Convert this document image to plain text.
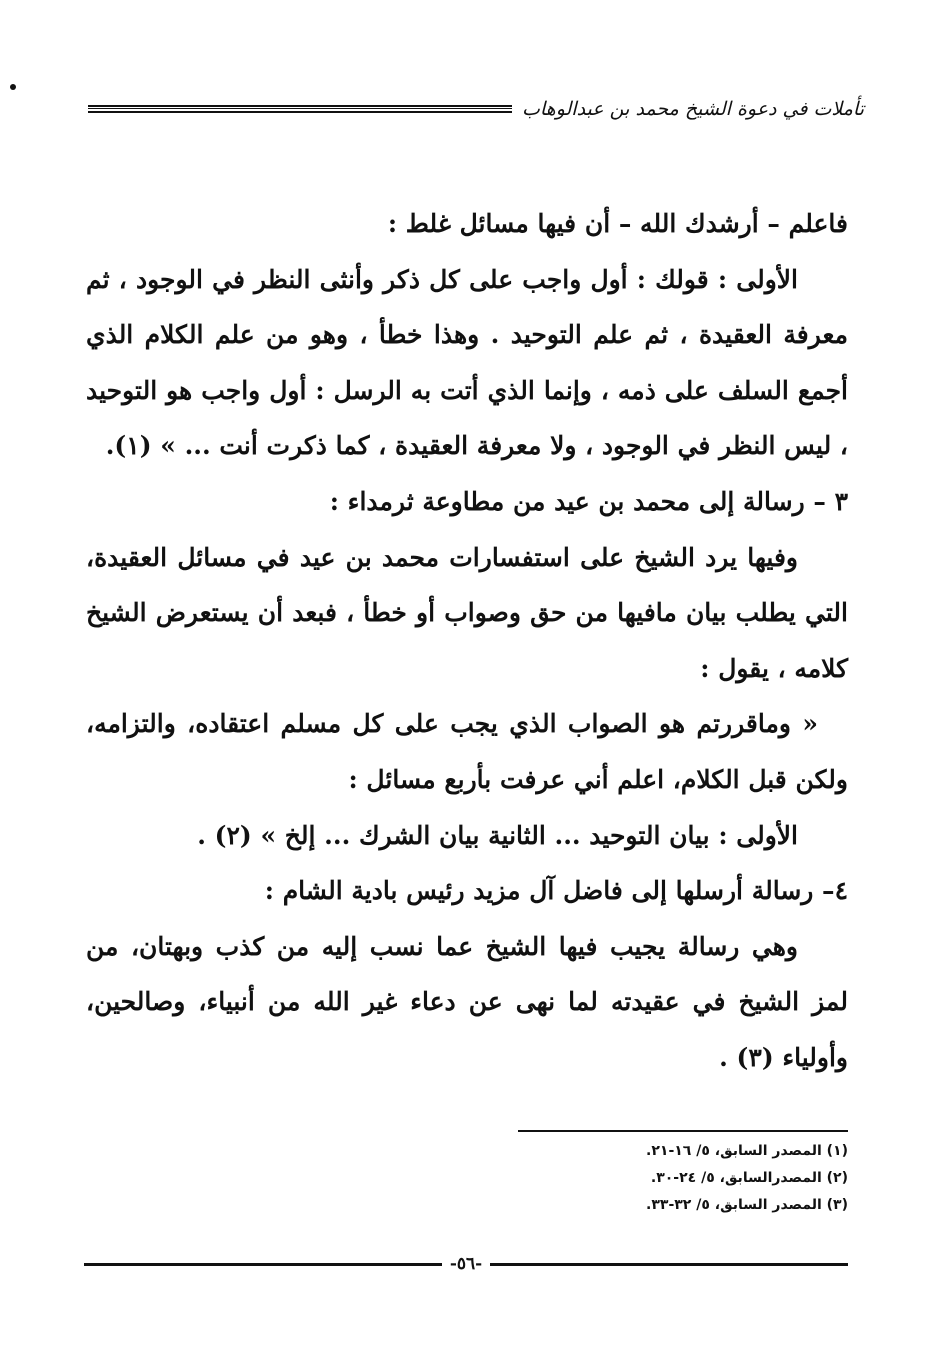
تأملات في دعوة الشيخ محمد بن عبدالوهاب

فاعلم – أرشدك الله – أن فيها مسائل غلط :

الأولى : قولك : أول واجب على كل ذكر وأنثى النظر في الوجود ، ثم معرفة العقيدة ، ثم علم التوحيد . وهذا خطأ ، وهو من علم الكلام الذي أجمع السلف على ذمه ، وإنما الذي أتت به الرسل : أول واجب هو التوحيد ، ليس النظر في الوجود ، ولا معرفة العقيدة ، كما ذكرت أنت ... » (١).

٣ – رسالة إلى محمد بن عيد من مطاوعة ثرمداء :

وفيها يرد الشيخ على استفسارات محمد بن عيد في مسائل العقيدة، التي يطلب بيان مافيها من حق وصواب أو خطأ ، فبعد أن يستعرض الشيخ كلامه ، يقول :

« وماقررتم هو الصواب الذي يجب على كل مسلم اعتقاده، والتزامه، ولكن قبل الكلام، اعلم أني عرفت بأربع مسائل :

الأولى : بيان التوحيد ... الثانية بيان الشرك ... إلخ » (٢) .

٤– رسالة أرسلها إلى فاضل آل مزيد رئيس بادية الشام :

وهي رسالة يجيب فيها الشيخ عما نسب إليه من كذب وبهتان، من لمز الشيخ في عقيدته لما نهى عن دعاء غير الله من أنبياء، وصالحين، وأولياء (٣) .

(١) المصدر السابق، ٥/ ١٦-٢١.

(٢) المصدرالسابق، ٥/ ٢٤-٣٠.

(٣) المصدر السابق، ٥/ ٣٢-٣٣.

-٥٦-
